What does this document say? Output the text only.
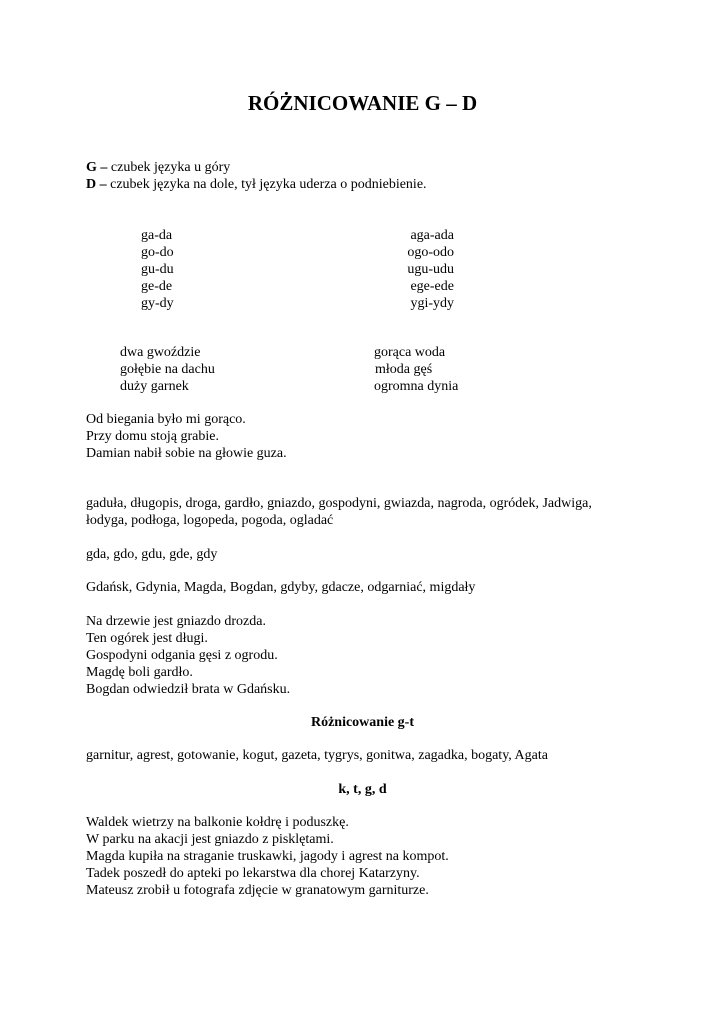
RÓŻNICOWANIE G – D
G – czubek języka u góry
D – czubek języka na dole, tył języka uderza o podniebienie.
ga-da
go-do
gu-du
ge-de
gy-dy
aga-ada
ogo-odo
ugu-udu
ege-ede
ygi-ydy
dwa gwoździe
gołębie na dachu
duży garnek
gorąca woda
młoda gęś
ogromna dynia
Od biegania było mi gorąco.
Przy domu stoją grabie.
Damian nabił sobie na głowie guza.
gaduła, długopis, droga, gardło, gniazdo, gospodyni, gwiazda, nagroda, ogródek, Jadwiga,
łodyga, podłoga, logopeda, pogoda, ogladać
gda, gdo, gdu, gde, gdy
Gdańsk, Gdynia, Magda, Bogdan, gdyby, gdacze, odgarniać, migdały
Na drzewie jest gniazdo drozda.
Ten ogórek jest długi.
Gospodyni odgania gęsi z ogrodu.
Magdę boli gardło.
Bogdan odwiedził brata w Gdańsku.
Różnicowanie g-t
garnitur, agrest, gotowanie, kogut, gazeta, tygrys, gonitwa, zagadka, bogaty, Agata
k, t, g, d
Waldek wietrzy na balkonie kołdrę i poduszkę.
W parku na akacji jest gniazdo z pisklętami.
Magda kupiła na straganie truskawki, jagody i agrest na kompot.
Tadek poszedł do apteki po lekarstwa dla chorej Katarzyny.
Mateusz zrobił u fotografa zdjęcie w granatowym garniturze.
